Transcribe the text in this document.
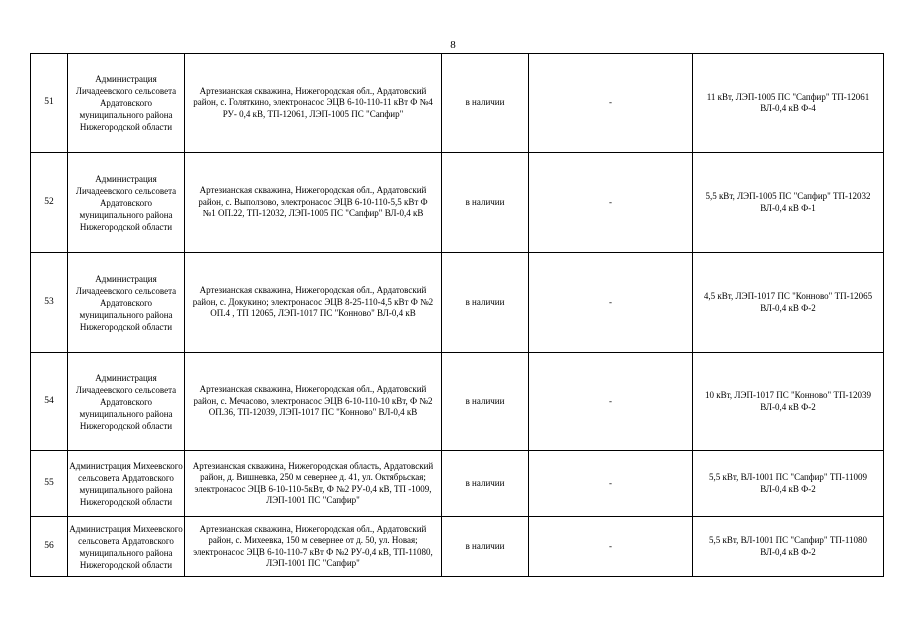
8
51	Администрация Личадеевского сельсовета Ардатовского муниципального района Нижегородской области	Артезианская скважина, Нижегородская обл., Ардатовский район, с. Голяткино, электронасос ЭЦВ 6-10-110-11 кВт Ф №4 РУ- 0,4 кВ, ТП-12061, ЛЭП-1005 ПС "Сапфир"	в наличии	-	11 кВт, ЛЭП-1005 ПС "Сапфир" ТП-12061 ВЛ-0,4 кВ Ф-4
52	Администрация Личадеевского сельсовета Ардатовского муниципального района Нижегородской области	Артезианская скважина, Нижегородская обл., Ардатовский район, с. Выползово, электронасос ЭЦВ 6-10-110-5,5 кВт Ф №1 ОП.22, ТП-12032, ЛЭП-1005 ПС "Сапфир" ВЛ-0,4 кВ	в наличии	-	5,5 кВт, ЛЭП-1005 ПС "Сапфир" ТП-12032 ВЛ-0,4 кВ Ф-1
53	Администрация Личадеевского сельсовета Ардатовского муниципального района Нижегородской области	Артезианская скважина, Нижегородская обл., Ардатовский район, с. Докукино; электронасос ЭЦВ 8-25-110-4,5 кВт Ф №2 ОП.4 , ТП 12065, ЛЭП-1017 ПС "Конново" ВЛ-0,4 кВ	в наличии	-	4,5 кВт, ЛЭП-1017 ПС "Конново" ТП-12065 ВЛ-0,4 кВ Ф-2
54	Администрация Личадеевского сельсовета Ардатовского муниципального района Нижегородской области	Артезианская скважина, Нижегородская обл., Ардатовский район, с. Мечасово, электронасос ЭЦВ 6-10-110-10 кВт, Ф №2 ОП.36, ТП-12039, ЛЭП-1017 ПС "Конново" ВЛ-0,4 кВ	в наличии	-	10 кВт, ЛЭП-1017 ПС "Конново" ТП-12039 ВЛ-0,4 кВ Ф-2
55	Администрация Михеевского сельсовета Ардатовского муниципального района Нижегородской области	Артезианская скважина, Нижегородская область, Ардатовский район, д. Вишневка, 250 м севернее д. 41, ул. Октябрьская; электронасос ЭЦВ 6-10-110-5кВт, Ф №2 РУ-0,4 кВ, ТП -1009, ЛЭП-1001 ПС "Сапфир"	в наличии	-	5,5 кВт, ВЛ-1001 ПС "Сапфир" ТП-11009 ВЛ-0,4 кВ Ф-2
56	Администрация Михеевского сельсовета Ардатовского муниципального района Нижегородской области	Артезианская скважина, Нижегородская обл., Ардатовский район, с. Михеевка, 150 м севернее от д. 50, ул. Новая; электронасос ЭЦВ 6-10-110-7 кВт Ф №2 РУ-0,4 кВ, ТП-11080, ЛЭП-1001 ПС "Сапфир"	в наличии	-	5,5 кВт, ВЛ-1001 ПС "Сапфир" ТП-11080 ВЛ-0,4 кВ Ф-2
